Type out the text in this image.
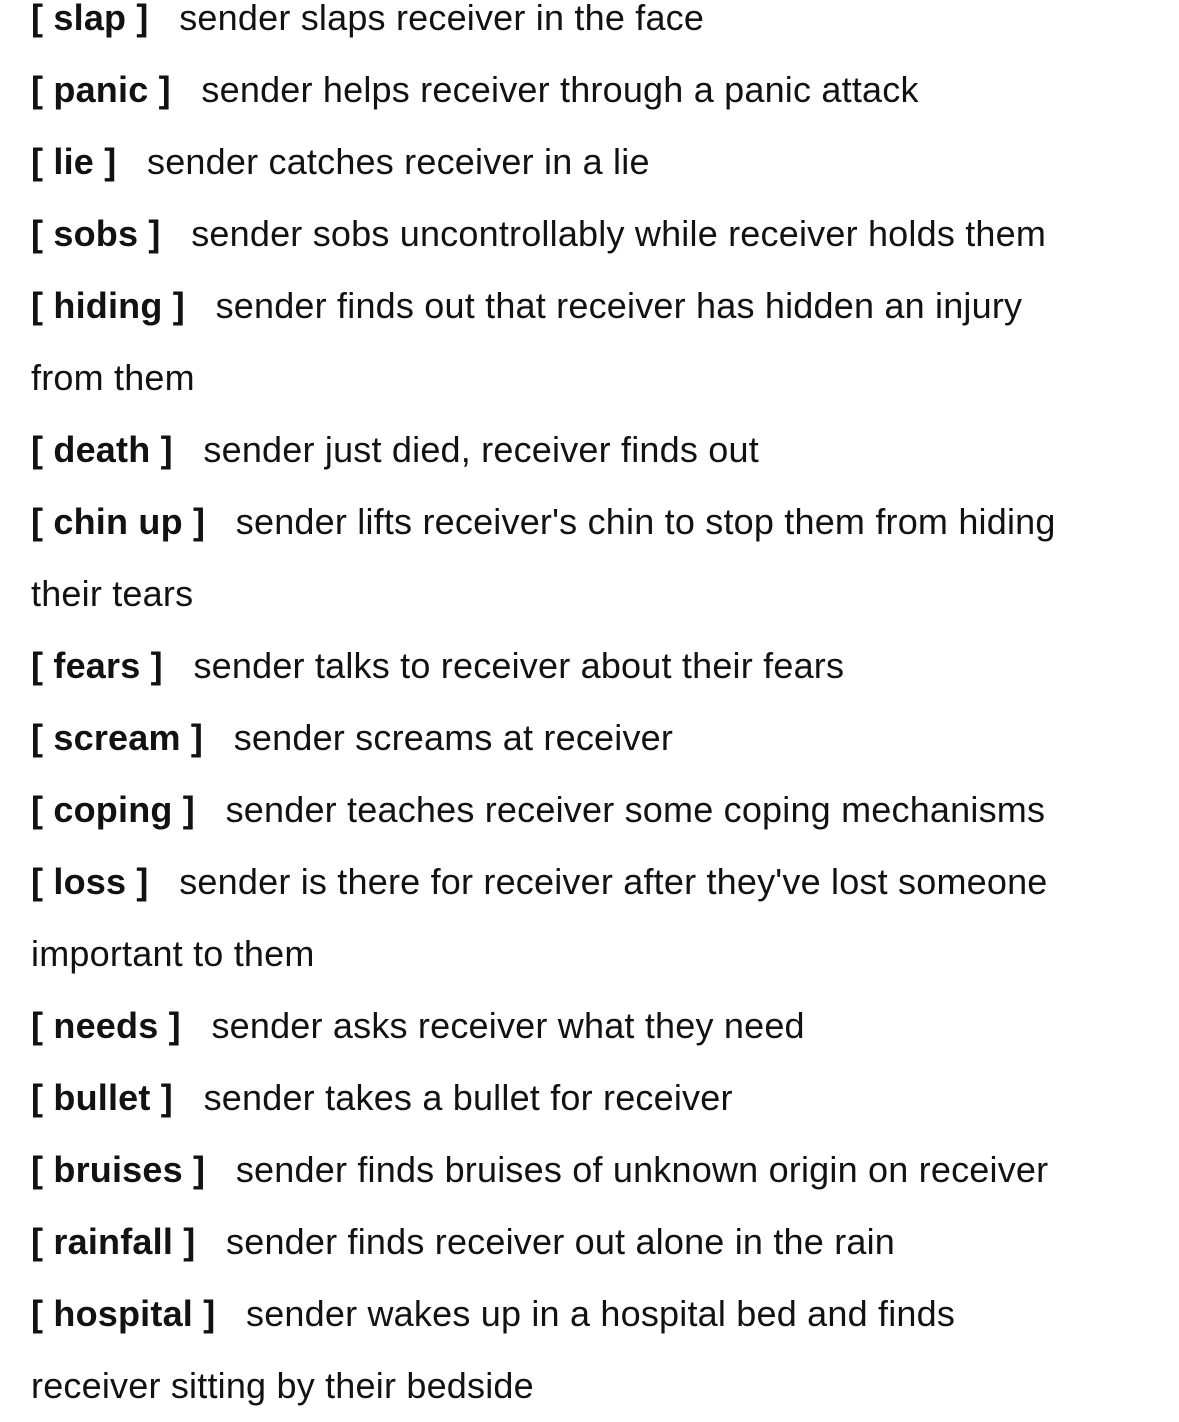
[ slap ] sender slaps receiver in the face

[ panic ] sender helps receiver through a panic attack

[ lie ] sender catches receiver in a lie

[ sobs ] sender sobs uncontrollably while receiver holds them

[ hiding ] sender finds out that receiver has hidden an injury

from them

[ death ] sender just died, receiver finds out

[ chin up ] sender lifts receiver's chin to stop them from hiding

their tears

[ fears ] sender talks to receiver about their fears

[ scream ] sender screams at receiver

[ coping ] sender teaches receiver some coping mechanisms

[ loss ] sender is there for receiver after they've lost someone

important to them

[ needs ] sender asks receiver what they need

[ bullet ] sender takes a bullet for receiver

[ bruises ] sender finds bruises of unknown origin on receiver

[ rainfall ] sender finds receiver out alone in the rain

[ hospital ] sender wakes up in a hospital bed and finds

receiver sitting by their bedside
